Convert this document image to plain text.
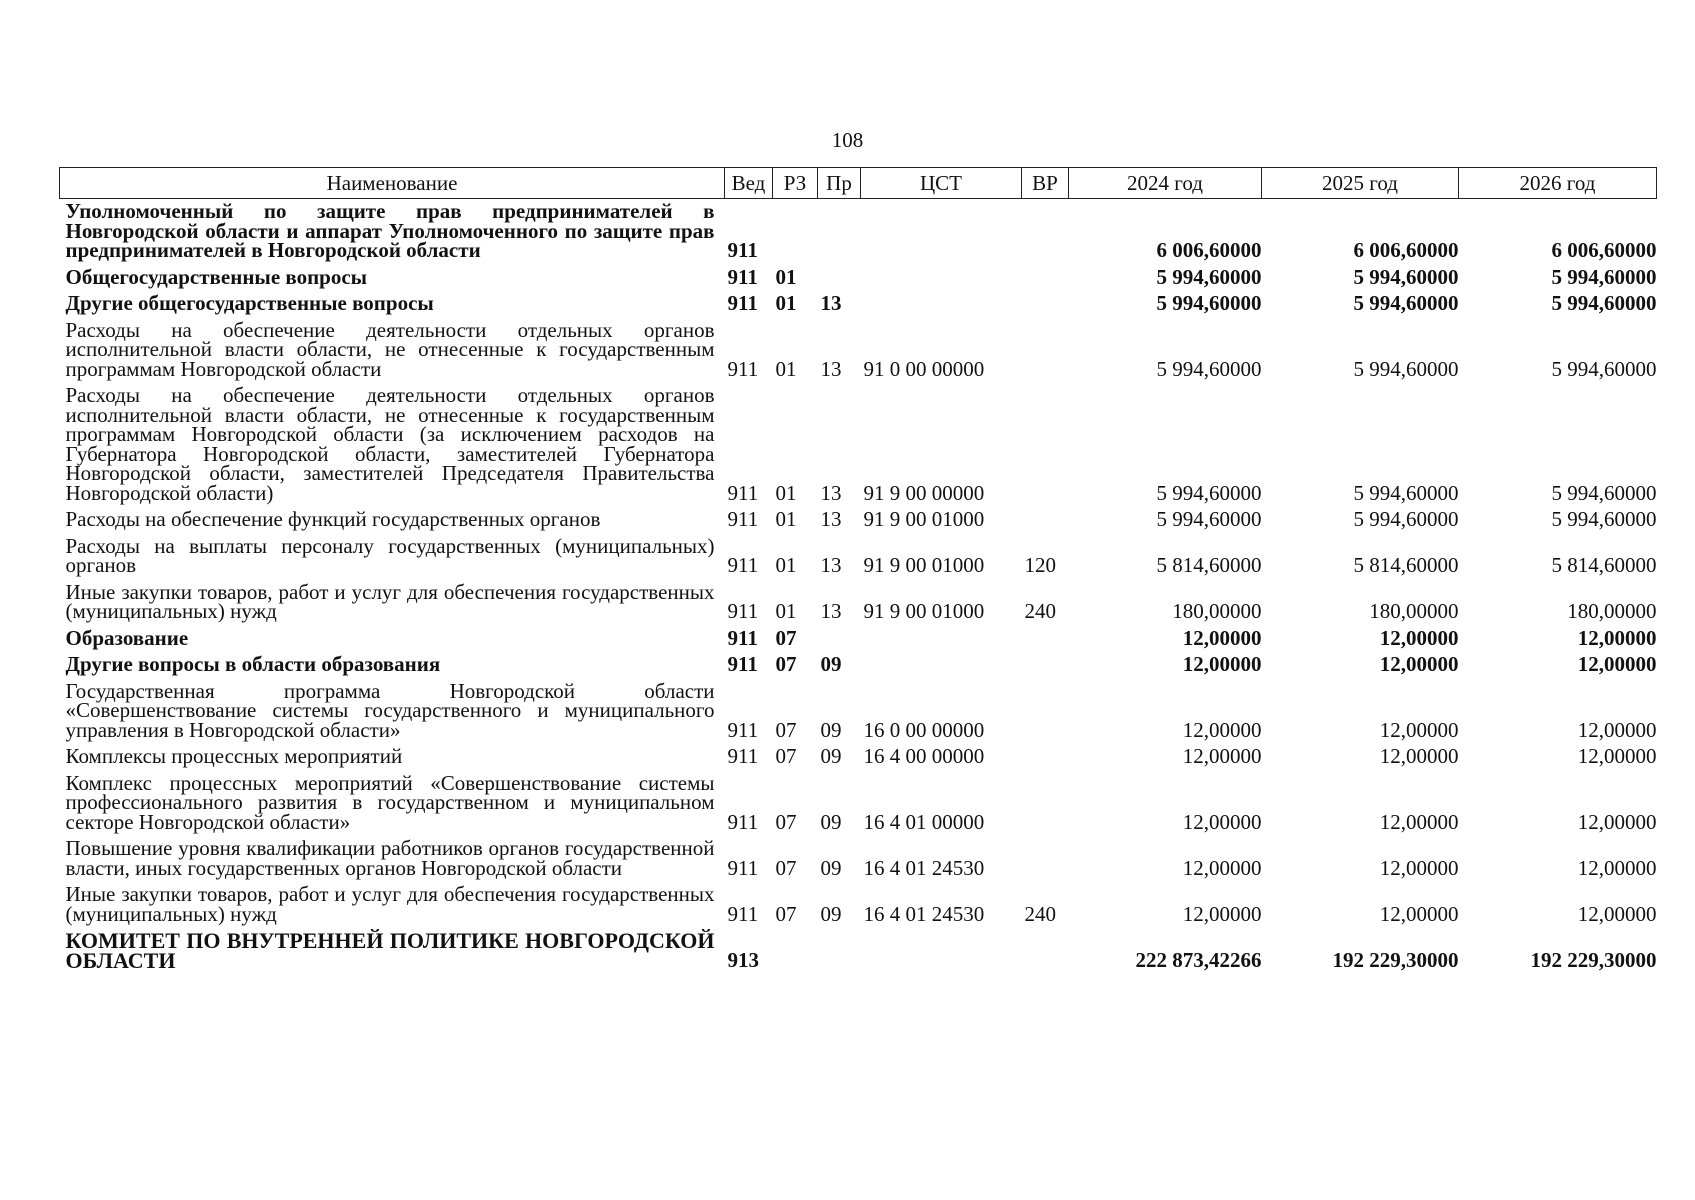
108
Наименование	Вед	РЗ	Пр	ЦСТ	ВР	2024 год	2025 год	2026 год
Уполномоченный по защите прав предпринимателей в Новгородской области и аппарат Уполномоченного по защите прав предпринимателей в Новгородской области	911					6 006,60000	6 006,60000	6 006,60000
Общегосударственные вопросы	911	01				5 994,60000	5 994,60000	5 994,60000
Другие общегосударственные вопросы	911	01	13			5 994,60000	5 994,60000	5 994,60000
Расходы на обеспечение деятельности отдельных органов исполнительной власти области, не отнесенные к государственным программам Новгородской области	911	01	13	91 0 00 00000		5 994,60000	5 994,60000	5 994,60000
Расходы на обеспечение деятельности отдельных органов исполнительной власти области, не отнесенные к государственным программам Новгородской области (за исключением расходов на Губернатора Новгородской области, заместителей Губернатора Новгородской области, заместителей Председателя Правительства Новгородской области)	911	01	13	91 9 00 00000		5 994,60000	5 994,60000	5 994,60000
Расходы на обеспечение функций государственных органов	911	01	13	91 9 00 01000		5 994,60000	5 994,60000	5 994,60000
Расходы на выплаты персоналу государственных (муниципальных) органов	911	01	13	91 9 00 01000	120	5 814,60000	5 814,60000	5 814,60000
Иные закупки товаров, работ и услуг для обеспечения государственных (муниципальных) нужд	911	01	13	91 9 00 01000	240	180,00000	180,00000	180,00000
Образование	911	07				12,00000	12,00000	12,00000
Другие вопросы в области образования	911	07	09			12,00000	12,00000	12,00000
Государственная программа Новгородской области «Совершенствование системы государственного и муниципального управления в Новгородской области»	911	07	09	16 0 00 00000		12,00000	12,00000	12,00000
Комплексы процессных мероприятий	911	07	09	16 4 00 00000		12,00000	12,00000	12,00000
Комплекс процессных мероприятий «Совершенствование системы профессионального развития в государственном и муниципальном секторе Новгородской области»	911	07	09	16 4 01 00000		12,00000	12,00000	12,00000
Повышение уровня квалификации работников органов государственной власти, иных государственных органов Новгородской области	911	07	09	16 4 01 24530		12,00000	12,00000	12,00000
Иные закупки товаров, работ и услуг для обеспечения государственных (муниципальных) нужд	911	07	09	16 4 01 24530	240	12,00000	12,00000	12,00000
КОМИТЕТ ПО ВНУТРЕННЕЙ ПОЛИТИКЕ НОВГОРОДСКОЙ ОБЛАСТИ	913					222 873,42266	192 229,30000	192 229,30000
